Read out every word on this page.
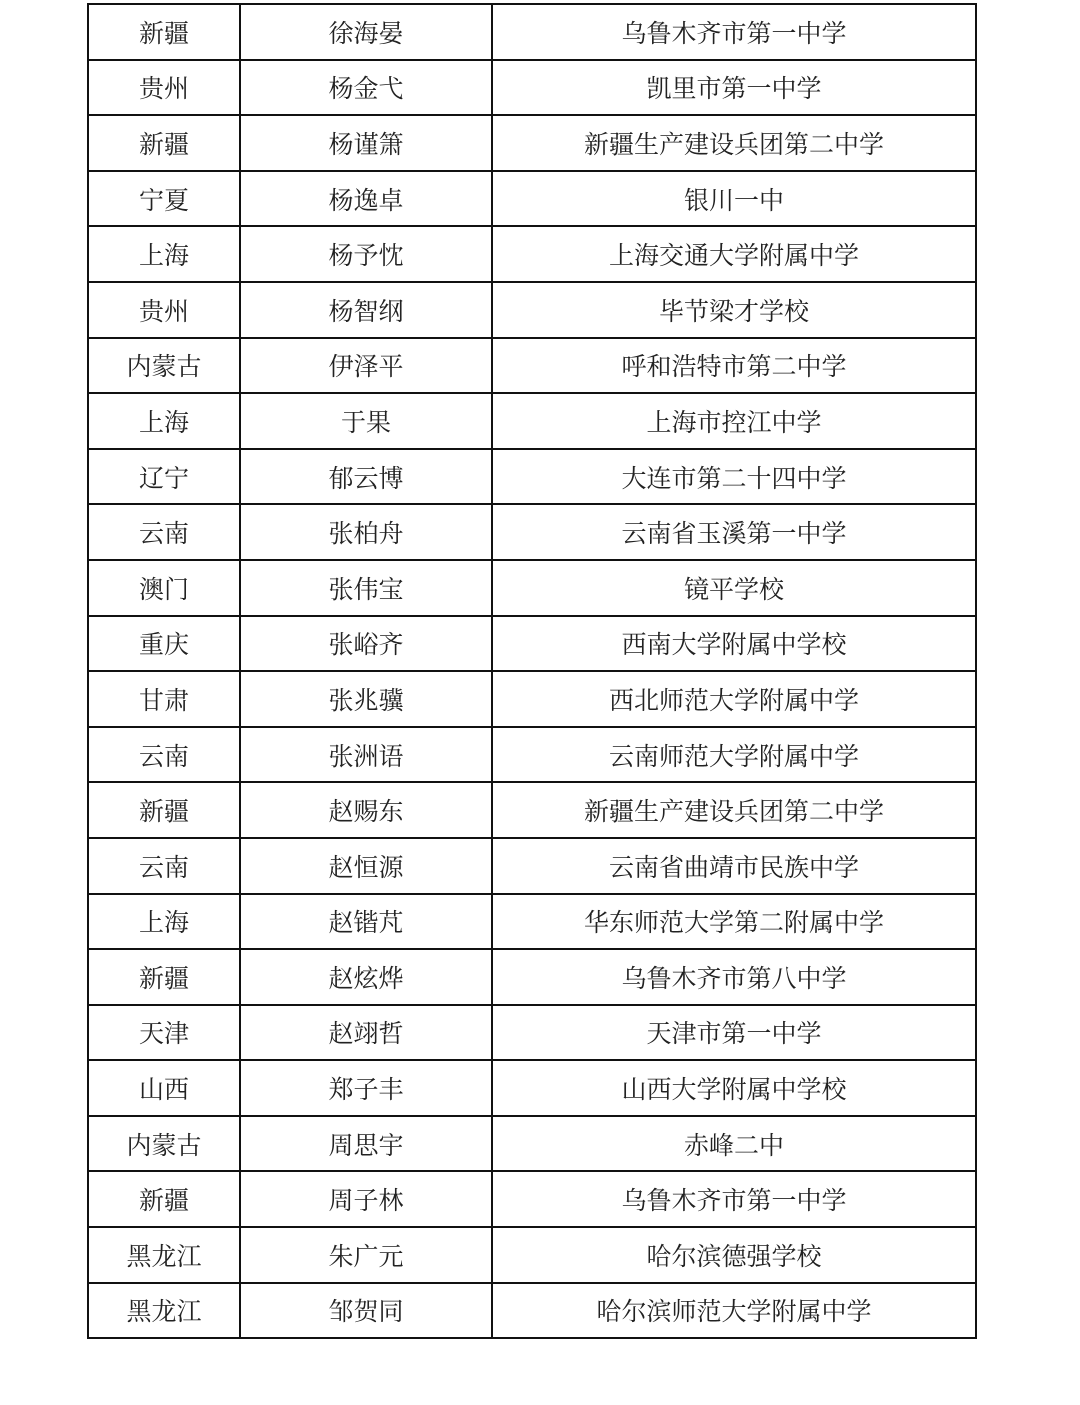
新疆	徐海晏	乌鲁木齐市第一中学
贵州	杨金弋	凯里市第一中学
新疆	杨谨箫	新疆生产建设兵团第二中学
宁夏	杨逸卓	银川一中
上海	杨予忱	上海交通大学附属中学
贵州	杨智纲	毕节梁才学校
内蒙古	伊泽平	呼和浩特市第二中学
上海	于果	上海市控江中学
辽宁	郁云博	大连市第二十四中学
云南	张柏舟	云南省玉溪第一中学
澳门	张伟宝	镜平学校
重庆	张峪齐	西南大学附属中学校
甘肃	张兆骥	西北师范大学附属中学
云南	张洲语	云南师范大学附属中学
新疆	赵赐东	新疆生产建设兵团第二中学
云南	赵恒源	云南省曲靖市民族中学
上海	赵锴芃	华东师范大学第二附属中学
新疆	赵炫烨	乌鲁木齐市第八中学
天津	赵翊哲	天津市第一中学
山西	郑子丰	山西大学附属中学校
内蒙古	周思宇	赤峰二中
新疆	周子林	乌鲁木齐市第一中学
黑龙江	朱广元	哈尔滨德强学校
黑龙江	邹贺同	哈尔滨师范大学附属中学
